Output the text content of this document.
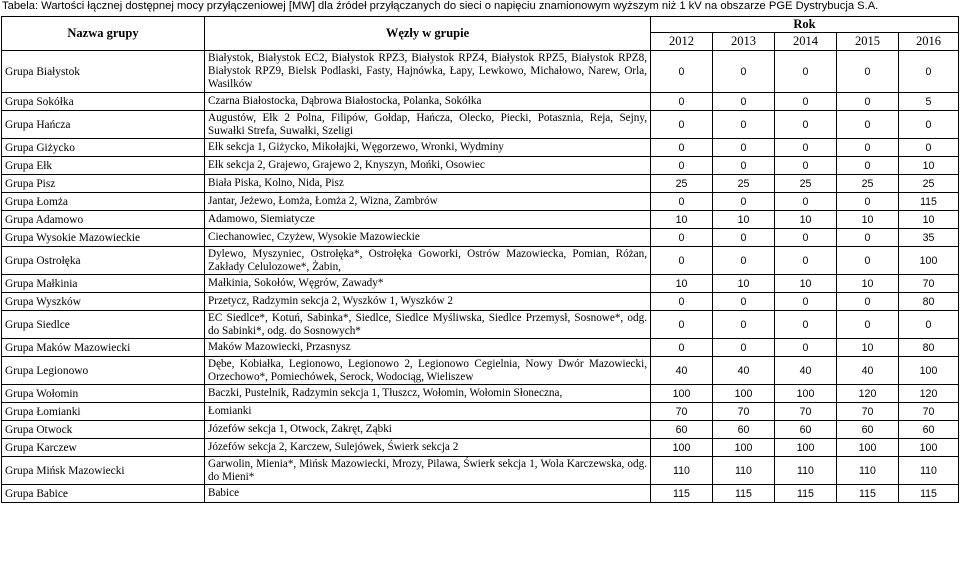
Tabela: Wartości łącznej dostępnej mocy przyłączeniowej [MW] dla źródeł przyłączanych do sieci o napięciu znamionowym wyższym niż 1 kV na obszarze PGE Dystrybucja S.A.
Nazwa grupy	Węzły w grupie	Rok				
		2012	2013	2014	2015	2016
Grupa Białystok	Białystok, Białystok EC2, Białystok RPZ3, Białystok RPZ4, Białystok RPZ5, Białystok RPZ8, Białystok RPZ9, Bielsk Podlaski, Fasty, Hajnówka, Łapy, Lewkowo, Michałowo, Narew, Orla, Wasilków	0	0	0	0	0
Grupa Sokółka	Czarna Białostocka, Dąbrowa Białostocka, Polanka, Sokółka	0	0	0	0	5
Grupa Hańcza	Augustów, Ełk 2 Polna, Filipów, Gołdap, Hańcza, Olecko, Piecki, Potasznia, Reja, Sejny, Suwałki Strefa, Suwałki, Szeligi	0	0	0	0	0
Grupa Giżycko	Ełk sekcja 1, Giżycko, Mikołajki, Węgorzewo, Wronki, Wydminy	0	0	0	0	0
Grupa Ełk	Ełk sekcja 2, Grajewo, Grajewo 2, Knyszyn, Mońki, Osowiec	0	0	0	0	10
Grupa Pisz	Biała Piska, Kolno, Nida, Pisz	25	25	25	25	25
Grupa Łomża	Jantar, Jeżewo, Łomża, Łomża 2, Wizna, Zambrów	0	0	0	0	115
Grupa Adamowo	Adamowo, Siemiatycze	10	10	10	10	10
Grupa Wysokie Mazowieckie	Ciechanowiec, Czyżew, Wysokie Mazowieckie	0	0	0	0	35
Grupa Ostrołęka	Dylewo, Myszyniec, Ostrołęka*, Ostrołęka Goworki, Ostrów Mazowiecka, Pomian, Różan, Zakłady Celulozowe*, Żabin,	0	0	0	0	100
Grupa Małkinia	Małkinia, Sokołów, Węgrów, Zawady*	10	10	10	10	70
Grupa Wyszków	Przetycz, Radzymin sekcja 2, Wyszków 1, Wyszków 2	0	0	0	0	80
Grupa Siedlce	EC Siedlce*, Kotuń, Sabinka*, Siedlce, Siedlce Myśliwska, Siedlce Przemysł, Sosnowe*, odg. do Sabinki*, odg. do Sosnowych*	0	0	0	0	0
Grupa Maków Mazowiecki	Maków Mazowiecki, Przasnysz	0	0	0	10	80
Grupa Legionowo	Dębe, Kobiałka, Legionowo, Legionowo 2, Legionowo Cegielnia, Nowy Dwór Mazowiecki, Orzechowo*, Pomiechówek, Serock, Wodociąg, Wieliszew	40	40	40	40	100
Grupa Wołomin	Baczki, Pustelnik, Radzymin sekcja 1, Tłuszcz, Wołomin, Wołomin Słoneczna,	100	100	100	120	120
Grupa Łomianki	Łomianki	70	70	70	70	70
Grupa Otwock	Józefów sekcja 1, Otwock, Zakręt, Ząbki	60	60	60	60	60
Grupa Karczew	Józefów sekcja 2, Karczew, Sulejówek, Świerk sekcja 2	100	100	100	100	100
Grupa Mińsk Mazowiecki	Garwolin, Mienia*, Mińsk Mazowiecki, Mrozy, Pilawa, Świerk sekcja 1, Wola Karczewska, odg. do Mieni*	110	110	110	110	110
Grupa Babice	Babice	115	115	115	115	115
